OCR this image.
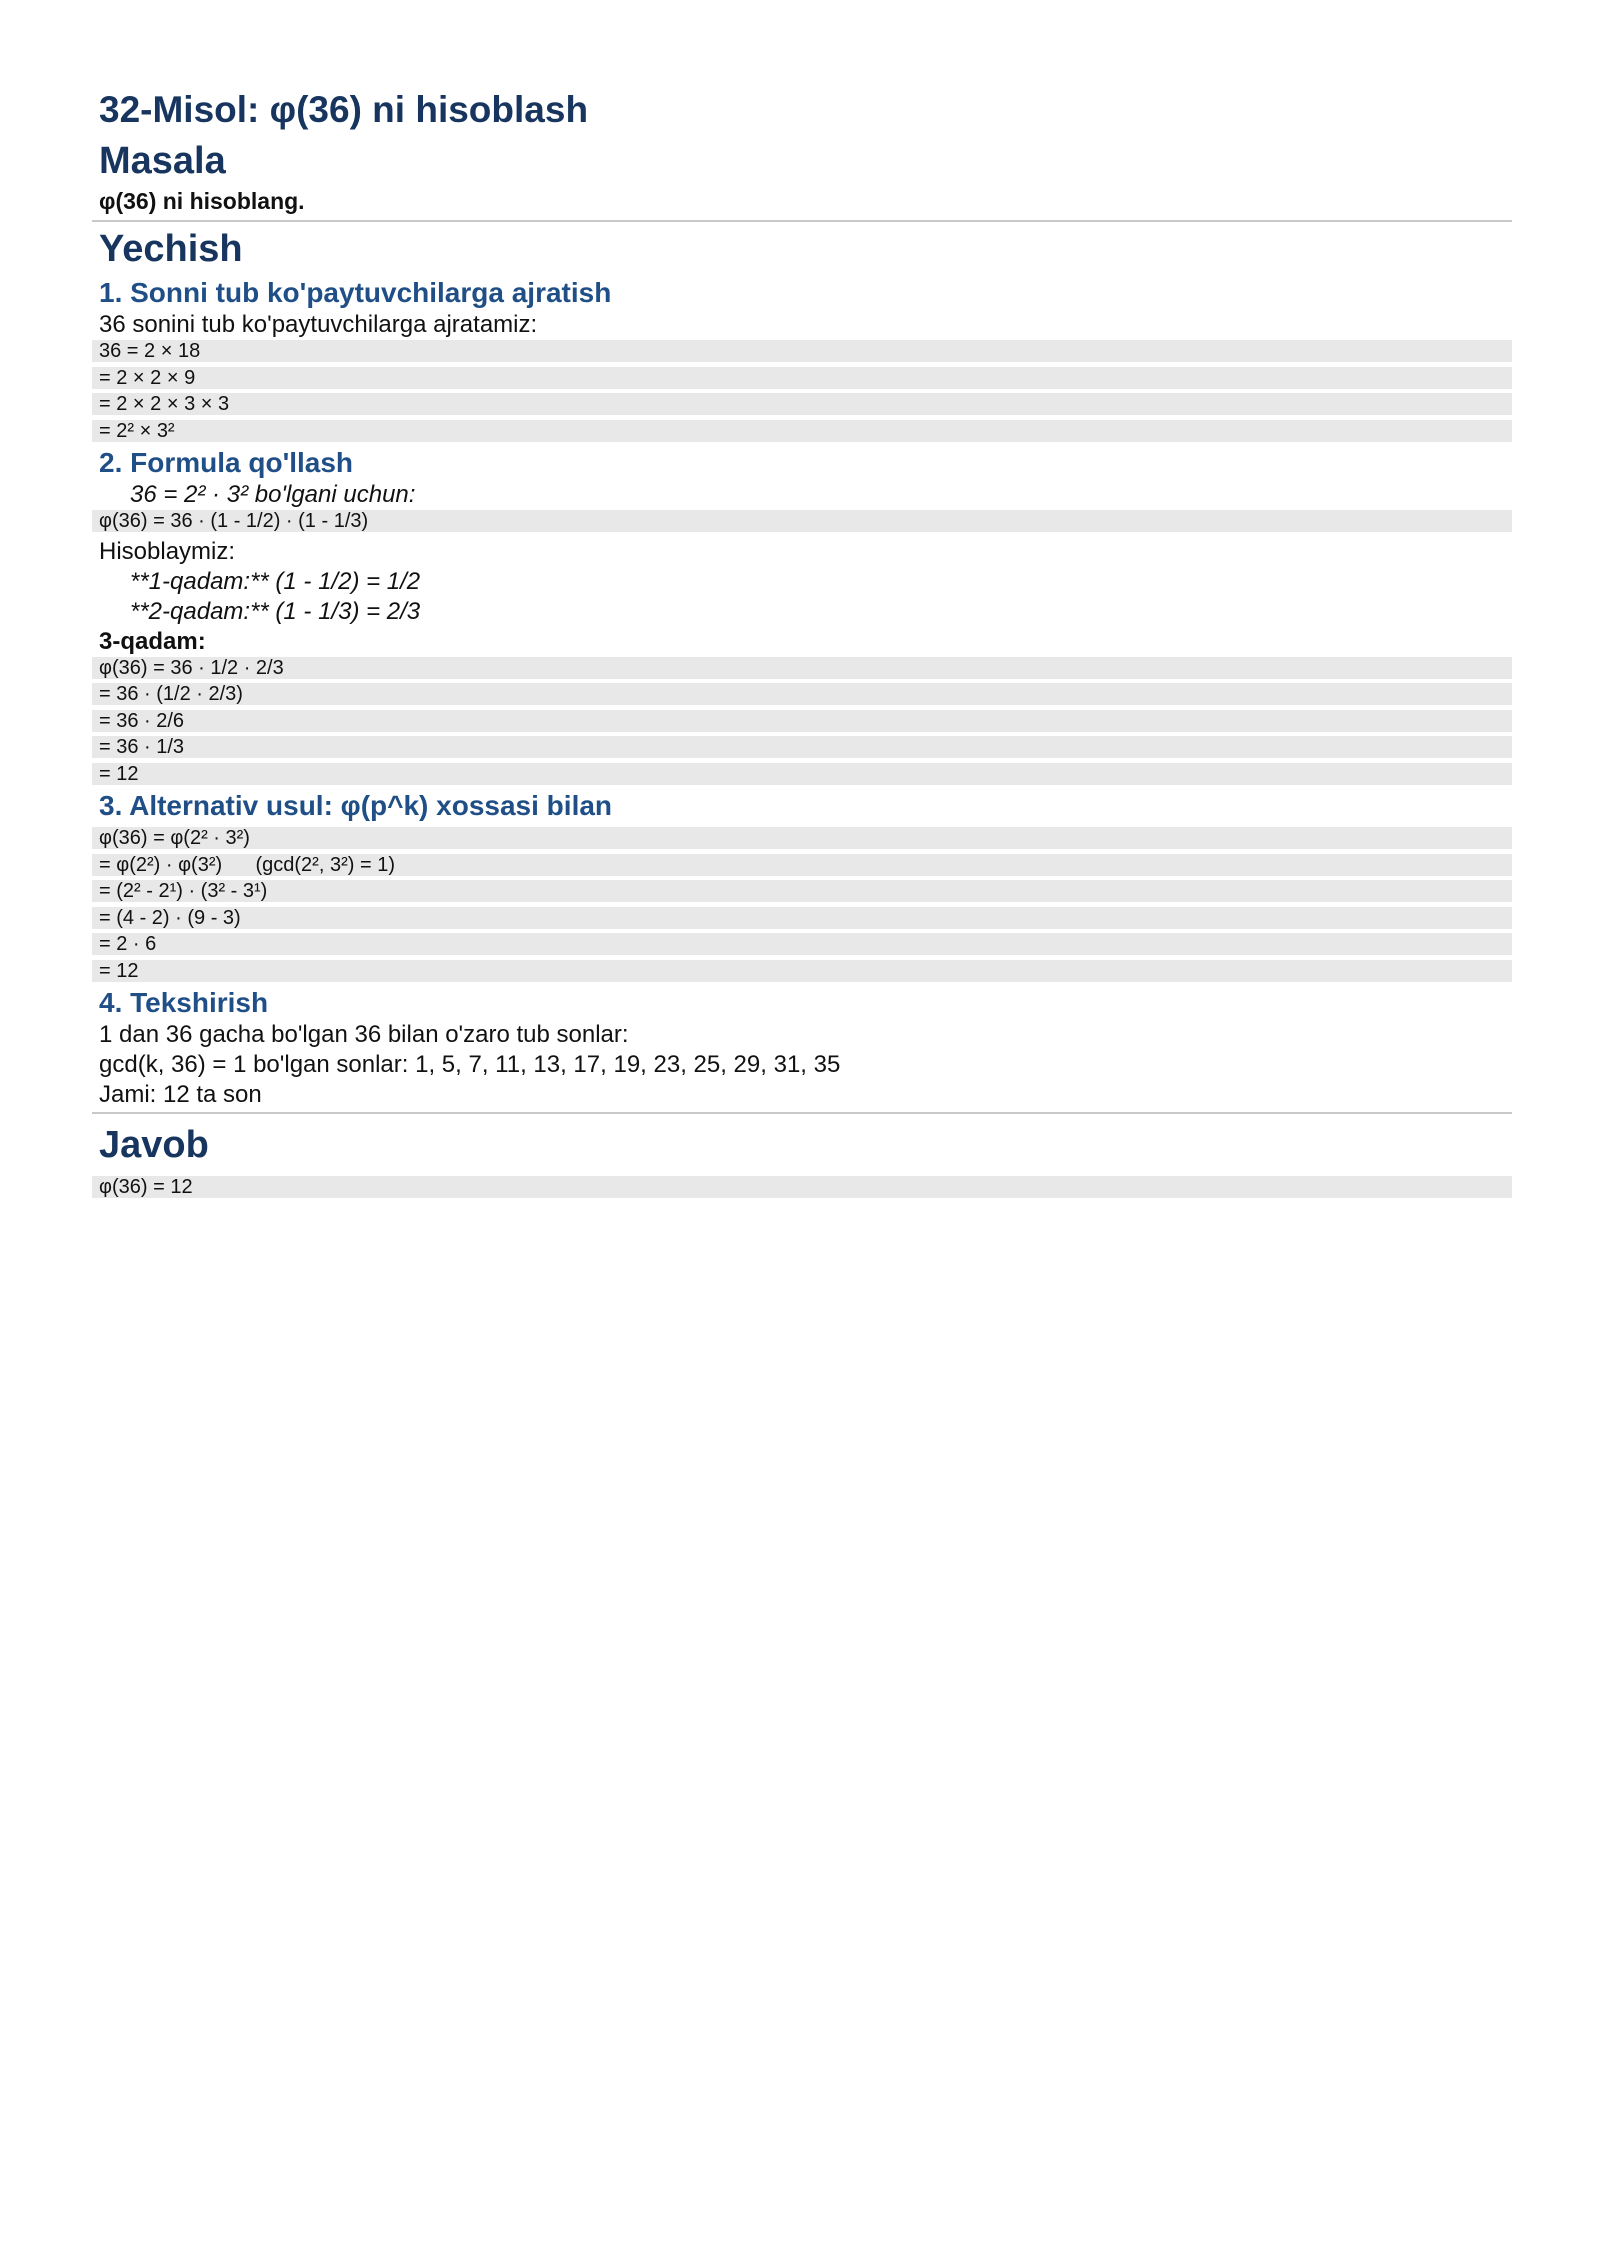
32-Misol: φ(36) ni hisoblash
Masala
φ(36) ni hisoblang.
Yechish
1. Sonni tub ko'paytuvchilarga ajratish
36 sonini tub ko'paytuvchilarga ajratamiz:
36 = 2 × 18
= 2 × 2 × 9
= 2 × 2 × 3 × 3
= 2² × 3²
2. Formula qo'llash
36 = 2² · 3² bo'lgani uchun:
φ(36) = 36 · (1 - 1/2) · (1 - 1/3)
Hisoblaymiz:
**1-qadam:** (1 - 1/2) = 1/2
**2-qadam:** (1 - 1/3) = 2/3
3-qadam:
φ(36) = 36 · 1/2 · 2/3
= 36 · (1/2 · 2/3)
= 36 · 2/6
= 36 · 1/3
= 12
3. Alternativ usul: φ(p^k) xossasi bilan
φ(36) = φ(2² · 3²)
= φ(2²) · φ(3²)      (gcd(2², 3²) = 1)
= (2² - 2¹) · (3² - 3¹)
= (4 - 2) · (9 - 3)
= 2 · 6
= 12
4. Tekshirish
1 dan 36 gacha bo'lgan 36 bilan o'zaro tub sonlar:
gcd(k, 36) = 1 bo'lgan sonlar: 1, 5, 7, 11, 13, 17, 19, 23, 25, 29, 31, 35
Jami: 12 ta son
Javob
φ(36) = 12
